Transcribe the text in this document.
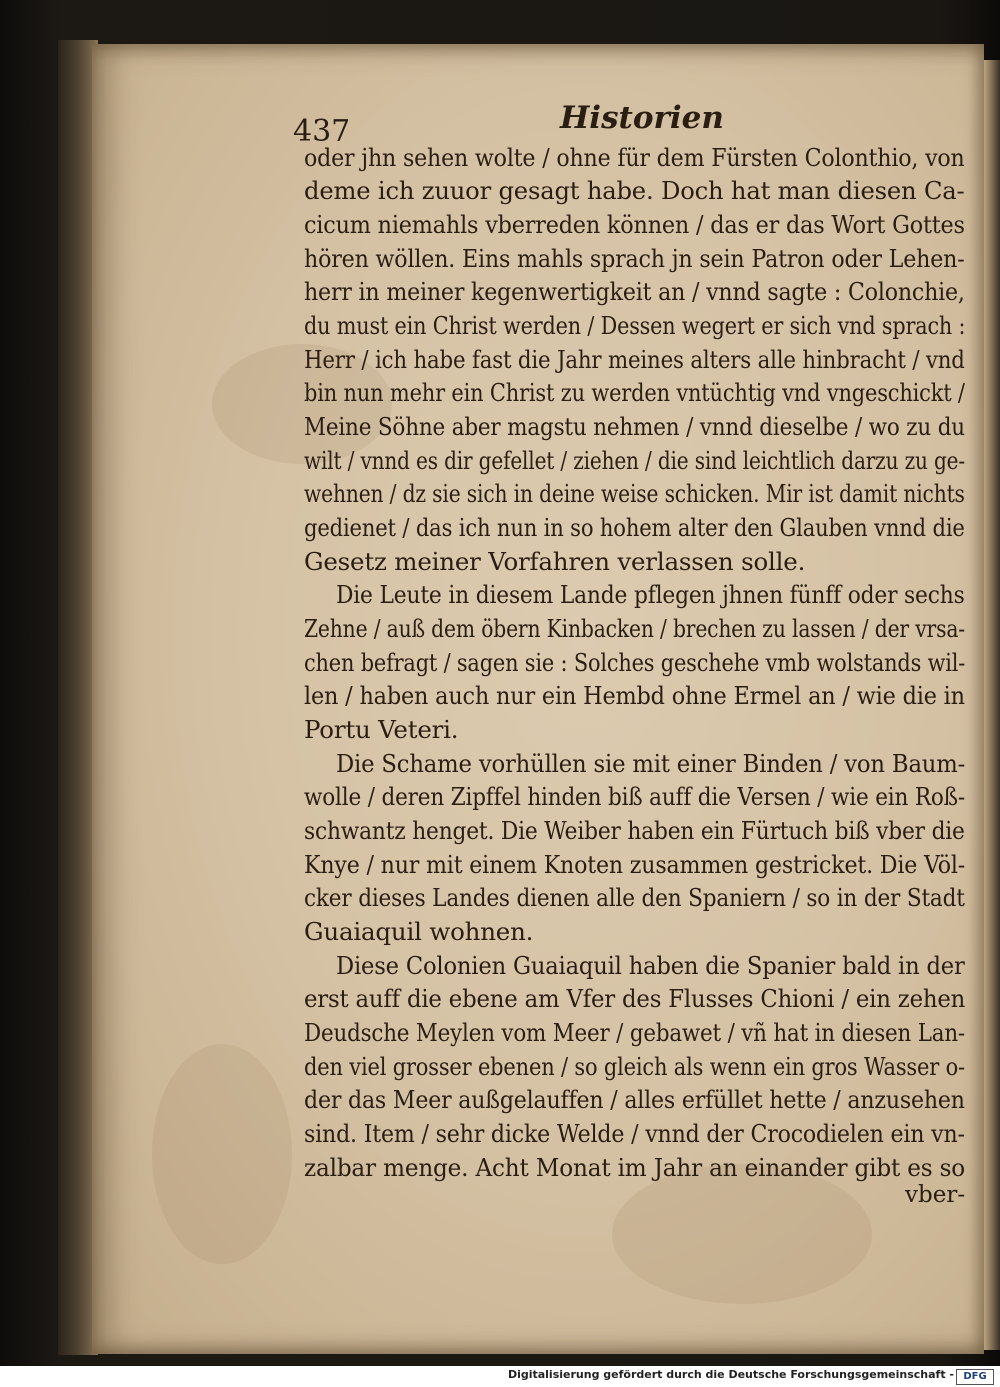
437	Historien
oder jhn sehen wolte / ohne für dem Fürsten Colonthio, von
deme ich zuuor gesagt habe. Doch hat man diesen Ca-
cicum niemahls vberreden können / das er das Wort Gottes
hören wöllen. Eins mahls sprach jn sein Patron oder Lehen-
herr in meiner kegenwertigkeit an / vnnd sagte : Colonchie,
du must ein Christ werden / Dessen wegert er sich vnd sprach :
Herr / ich habe fast die Jahr meines alters alle hinbracht / vnd
bin nun mehr ein Christ zu werden vntüchtig vnd vngeschickt /
Meine Söhne aber magstu nehmen / vnnd dieselbe / wo zu du
wilt / vnnd es dir gefellet / ziehen / die sind leichtlich darzu zu ge-
wehnen / dz sie sich in deine weise schicken. Mir ist damit nichts
gedienet / das ich nun in so hohem alter den Glauben vnnd die
Gesetz meiner Vorfahren verlassen solle.
Die Leute in diesem Lande pflegen jhnen fünff oder sechs
Zehne / auß dem öbern Kinbacken / brechen zu lassen / der vrsa-
chen befragt / sagen sie : Solches geschehe vmb wolstands wil-
len / haben auch nur ein Hembd ohne Ermel an / wie die in
Portu Veteri.
Die Schame vorhüllen sie mit einer Binden / von Baum-
wolle / deren Zipffel hinden biß auff die Versen / wie ein Roß-
schwantz henget. Die Weiber haben ein Fürtuch biß vber die
Knye / nur mit einem Knoten zusammen gestricket. Die Völ-
cker dieses Landes dienen alle den Spaniern / so in der Stadt
Guaiaquil wohnen.
Diese Colonien Guaiaquil haben die Spanier bald in der
erst auff die ebene am Vfer des Flusses Chioni / ein zehen
Deudsche Meylen vom Meer / gebawet / vñ hat in diesen Lan-
den viel grosser ebenen / so gleich als wenn ein gros Wasser o-
der das Meer außgelauffen / alles erfüllet hette / anzusehen
sind. Item / sehr dicke Welde / vnnd der Crocodielen ein vn-
zalbar menge. Acht Monat im Jahr an einander gibt es so
vber-
Digitalisierung gefördert durch die Deutsche Forschungsgemeinschaft - DFG
